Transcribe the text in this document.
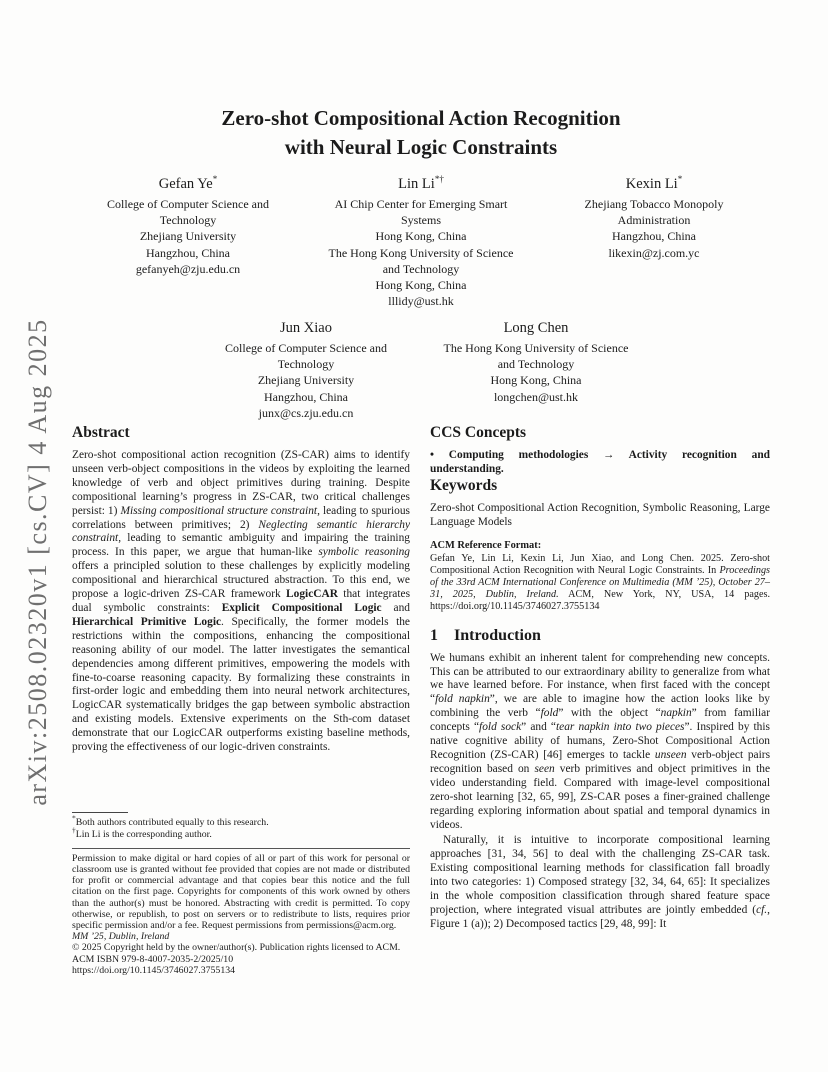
arXiv:2508.02320v1 [cs.CV] 4 Aug 2025
Zero-shot Compositional Action Recognition
with Neural Logic Constraints
Gefan Ye*
College of Computer Science and
Technology
Zhejiang University
Hangzhou, China
gefanyeh@zju.edu.cn
Lin Li*†
AI Chip Center for Emerging Smart
Systems
Hong Kong, China
The Hong Kong University of Science
and Technology
Hong Kong, China
lllidy@ust.hk
Kexin Li*
Zhejiang Tobacco Monopoly
Administration
Hangzhou, China
likexin@zj.com.yc
Jun Xiao
College of Computer Science and
Technology
Zhejiang University
Hangzhou, China
junx@cs.zju.edu.cn
Long Chen
The Hong Kong University of Science
and Technology
Hong Kong, China
longchen@ust.hk
Abstract

Zero-shot compositional action recognition (ZS-CAR) aims to identify unseen verb-object compositions in the videos by exploiting the learned knowledge of verb and object primitives during training. Despite compositional learning’s progress in ZS-CAR, two critical challenges persist: 1) Missing compositional structure constraint, leading to spurious correlations between primitives; 2) Neglecting semantic hierarchy constraint, leading to semantic ambiguity and impairing the training process. In this paper, we argue that human-like symbolic reasoning offers a principled solution to these challenges by explicitly modeling compositional and hierarchical structured abstraction. To this end, we propose a logic-driven ZS-CAR framework LogicCAR that integrates dual symbolic constraints: Explicit Compositional Logic and Hierarchical Primitive Logic. Specifically, the former models the restrictions within the compositions, enhancing the compositional reasoning ability of our model. The latter investigates the semantical dependencies among different primitives, empowering the models with fine-to-coarse reasoning capacity. By formalizing these constraints in first-order logic and embedding them into neural network architectures, LogicCAR systematically bridges the gap between symbolic abstraction and existing models. Extensive experiments on the Sth-com dataset demonstrate that our LogicCAR outperforms existing baseline methods, proving the effectiveness of our logic-driven constraints.

*Both authors contributed equally to this research.

†Lin Li is the corresponding author.

Permission to make digital or hard copies of all or part of this work for personal or classroom use is granted without fee provided that copies are not made or distributed for profit or commercial advantage and that copies bear this notice and the full citation on the first page. Copyrights for components of this work owned by others than the author(s) must be honored. Abstracting with credit is permitted. To copy otherwise, or republish, to post on servers or to redistribute to lists, requires prior specific permission and/or a fee. Request permissions from permissions@acm.org.

MM ’25, Dublin, Ireland

© 2025 Copyright held by the owner/author(s). Publication rights licensed to ACM.

ACM ISBN 979-8-4007-2035-2/2025/10

https://doi.org/10.1145/3746027.3755134

CCS Concepts

• Computing methodologies → Activity recognition and understanding.

Keywords

Zero-shot Compositional Action Recognition, Symbolic Reasoning, Large Language Models

ACM Reference Format:

Gefan Ye, Lin Li, Kexin Li, Jun Xiao, and Long Chen. 2025. Zero-shot Compositional Action Recognition with Neural Logic Constraints. In Proceedings of the 33rd ACM International Conference on Multimedia (MM ’25), October 27–31, 2025, Dublin, Ireland. ACM, New York, NY, USA, 14 pages. https://doi.org/10.1145/3746027.3755134

1 Introduction

We humans exhibit an inherent talent for comprehending new concepts. This can be attributed to our extraordinary ability to generalize from what we have learned before. For instance, when first faced with the concept “fold napkin”, we are able to imagine how the action looks like by combining the verb “fold” with the object “napkin” from familiar concepts “fold sock” and “tear napkin into two pieces”. Inspired by this native cognitive ability of humans, Zero-Shot Compositional Action Recognition (ZS-CAR) [46] emerges to tackle unseen verb-object pairs recognition based on seen verb primitives and object primitives in the video understanding field. Compared with image-level compositional zero-shot learning [32, 65, 99], ZS-CAR poses a finer-grained challenge regarding exploring information about spatial and temporal dynamics in videos.

Naturally, it is intuitive to incorporate compositional learning approaches [31, 34, 56] to deal with the challenging ZS-CAR task. Existing compositional learning methods for classification fall broadly into two categories: 1) Composed strategy [32, 34, 64, 65]: It specializes in the whole composition classification through shared feature space projection, where integrated visual attributes are jointly embedded (cf., Figure 1 (a)); 2) Decomposed tactics [29, 48, 99]: It
